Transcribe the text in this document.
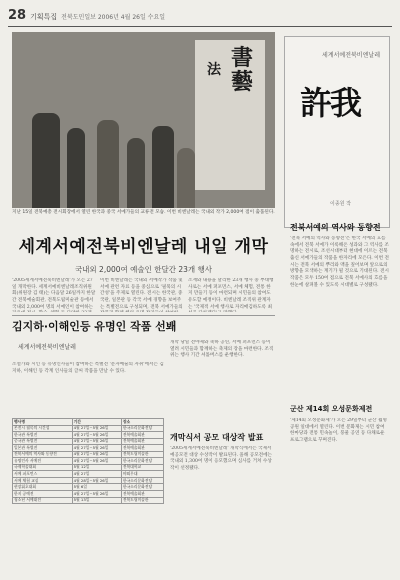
28 기획특집 전북도민일보 2006년 4월 26일 수요일
書藝
法
지난 15일 전북예총 전시회장에서 열린 한국과 중국 서예가들의 교류전 모습. 이번 비엔날레는 국내외 작가 2,000여 점이 출품된다.
세계서예전북비엔날레 내일 개막
국내외 2,000여 예술인 한달간 23개 행사

'2005세계서예전북비엔날레'가 오는 27일 개막한다. 세계서예비엔날레조직위원회(위원장 김 태)는 다음달 26일까지 한달간 전북예술회관, 전북도립미술관 등에서 국내외 2,000여 명의 서예인이 참여하는

이번 비엔날레는 국내외 서예작가 작품 및 서예 관련 자료 등을 중심으로 '필묵의 시간성'을 주제로 열린다. 전시는 한국관, 중국관, 일본관 등 각국 서예 경향을 보여주는 특별전으로 구성되며, 전북 서예가들의

소재와 내용을 달리한 23개 행사 중 부대행사로는 서예 퍼포먼스, 서예 체험, 전통 한지 만들기 등이 마련되며 시민들의 참여도 유도할 예정이다. 비엔날레 조직위 관계자는 '국제적 서예 행사로 자리매김하도록 최

세계서예전북비엔날레
許我
이종원 작
전북서예의 역사와 동향전

'전북 서예의 역사와 동향전'은 한국 서예의 흐름 속에서 전북 서예가 이룩해온 성과와 그 역사를 조명하는 전시로, 조선시대부터 현대에 이르는 전북 출신 서예가들의 작품을 한자리에 모은다. 이번 전시는 전북 서예의 뿌리와 맥을 짚어보며 앞으로의 방향을 모색하는 계기가 될 것으로 기대된다. 전시 작품은 모두 150여 점으로 전북 서예사의 흐름을 한눈에 살펴볼 수 있도록 시대별로 구성됐다.

김지하·이해인등 유명인 작품 선봬
세계서예전북비엔날레

소설가와 시인 등 유명인사들이 참여하는 특별전 '문자예술의 자취'에서는 김지하, 이해인 등 각계 인사들의 글씨 작품을 만날 수 있다.

행사명	기간	장소
본전시 필묵의 시간성	4월 27일~5월 26일	한국소리문화전당
한국관 특별전	4월 27일~5월 26일	전북예술회관
중국관 특별전	4월 27일~5월 26일	전북예술회관
일본관 특별전	4월 27일~5월 26일	전북예술회관
전북서예의 역사와 동향전	4월 27일~5월 26일	전북도립미술관
유명인사 서예전	4월 27일~5월 26일	한국소리문화전당
국제학술대회	5월 12일	전북대학교
서예 퍼포먼스	4월 27일	야외무대
서예 체험 교실	4월 28일~5월 26일	한국소리문화전당
현장휘호대회	5월 6일	한국소리문화전당
한지 공예전	4월 27일~5월 26일	전북예술회관
청소년 서예대전	5월 13일	전북도립미술관

개막 당일 전야제와 축하 공연, 서예 퍼포먼스 등이 열려 시민들과 함께하는 축제의 장을 마련한다. 조직위는 행사 기간 셔틀버스를 운행한다.

개막식서 공모 대상작 발표

'2005세계서예전북비엔날레' 개막식에서는 국제서예공모전 대상 수상작이 발표된다. 올해 공모전에는 국내외 1,300여 명이 응모했으며 심사를 거쳐 수상작이 선정됐다.

군산 제14회 오성문화제전

'제14회 오성문화제'가 오는 29일부터 군산 월명공원 일대에서 열린다. 이번 문화제는 시민 참여 한마당과 전통 민속놀이, 풍물 공연 등 다채로운 프로그램으로 꾸며진다.
